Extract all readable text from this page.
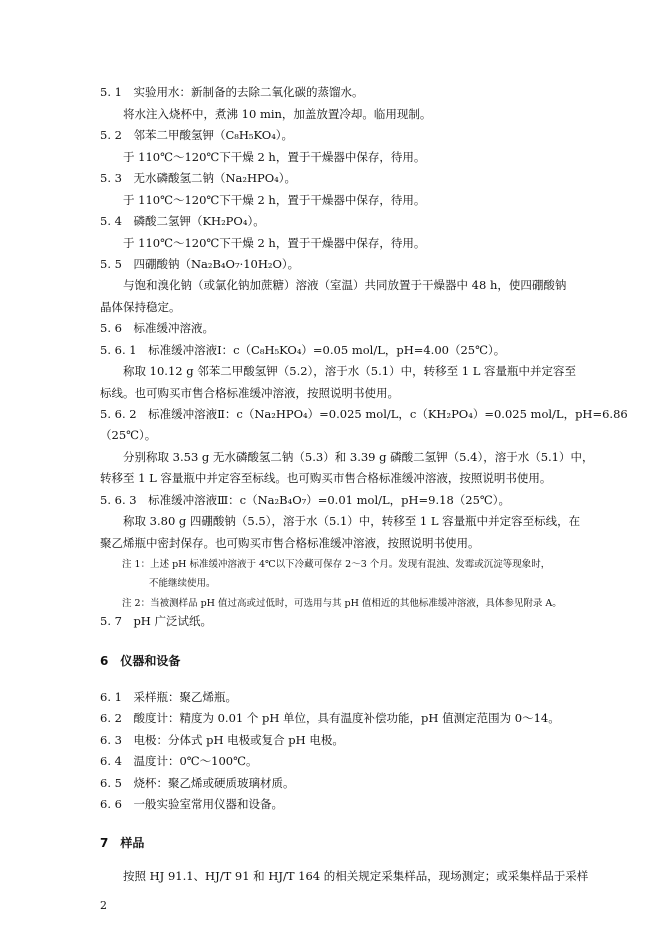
5. 1　实验用水：新制备的去除二氧化碳的蒸馏水。
将水注入烧杯中，煮沸 10 min，加盖放置冷却。临用现制。
5. 2　邻苯二甲酸氢钾（C₈H₅KO₄）。
于 110℃～120℃下干燥 2 h，置于干燥器中保存，待用。
5. 3　无水磷酸氢二钠（Na₂HPO₄）。
于 110℃～120℃下干燥 2 h，置于干燥器中保存，待用。
5. 4　磷酸二氢钾（KH₂PO₄）。
于 110℃～120℃下干燥 2 h，置于干燥器中保存，待用。
5. 5　四硼酸钠（Na₂B₄O₇·10H₂O）。
与饱和溴化钠（或氯化钠加蔗糖）溶液（室温）共同放置于干燥器中 48 h，使四硼酸钠
晶体保持稳定。
5. 6　标准缓冲溶液。
5. 6. 1　标准缓冲溶液Ⅰ：c（C₈H₅KO₄）=0.05 mol/L，pH=4.00（25℃）。
称取 10.12 g 邻苯二甲酸氢钾（5.2），溶于水（5.1）中，转移至 1 L 容量瓶中并定容至
标线。也可购买市售合格标准缓冲溶液，按照说明书使用。
5. 6. 2　标准缓冲溶液Ⅱ：c（Na₂HPO₄）=0.025 mol/L，c（KH₂PO₄）=0.025 mol/L，pH=6.86
（25℃）。
分别称取 3.53 g 无水磷酸氢二钠（5.3）和 3.39 g 磷酸二氢钾（5.4），溶于水（5.1）中，
转移至 1 L 容量瓶中并定容至标线。也可购买市售合格标准缓冲溶液，按照说明书使用。
5. 6. 3　标准缓冲溶液Ⅲ：c（Na₂B₄O₇）=0.01 mol/L，pH=9.18（25℃）。
称取 3.80 g 四硼酸钠（5.5），溶于水（5.1）中，转移至 1 L 容量瓶中并定容至标线，在
聚乙烯瓶中密封保存。也可购买市售合格标准缓冲溶液，按照说明书使用。
注 1：上述 pH 标准缓冲溶液于 4℃以下冷藏可保存 2～3 个月。发现有混浊、发霉或沉淀等现象时，
不能继续使用。
注 2：当被测样品 pH 值过高或过低时，可选用与其 pH 值相近的其他标准缓冲溶液，具体参见附录 A。
5. 7　pH 广泛试纸。
6　仪器和设备
6. 1　采样瓶：聚乙烯瓶。
6. 2　酸度计：精度为 0.01 个 pH 单位，具有温度补偿功能，pH 值测定范围为 0～14。
6. 3　电极：分体式 pH 电极或复合 pH 电极。
6. 4　温度计：0℃～100℃。
6. 5　烧杯：聚乙烯或硬质玻璃材质。
6. 6　一般实验室常用仪器和设备。
7　样品
按照 HJ 91.1、HJ/T 91 和 HJ/T 164 的相关规定采集样品，现场测定；或采集样品于采样
2
